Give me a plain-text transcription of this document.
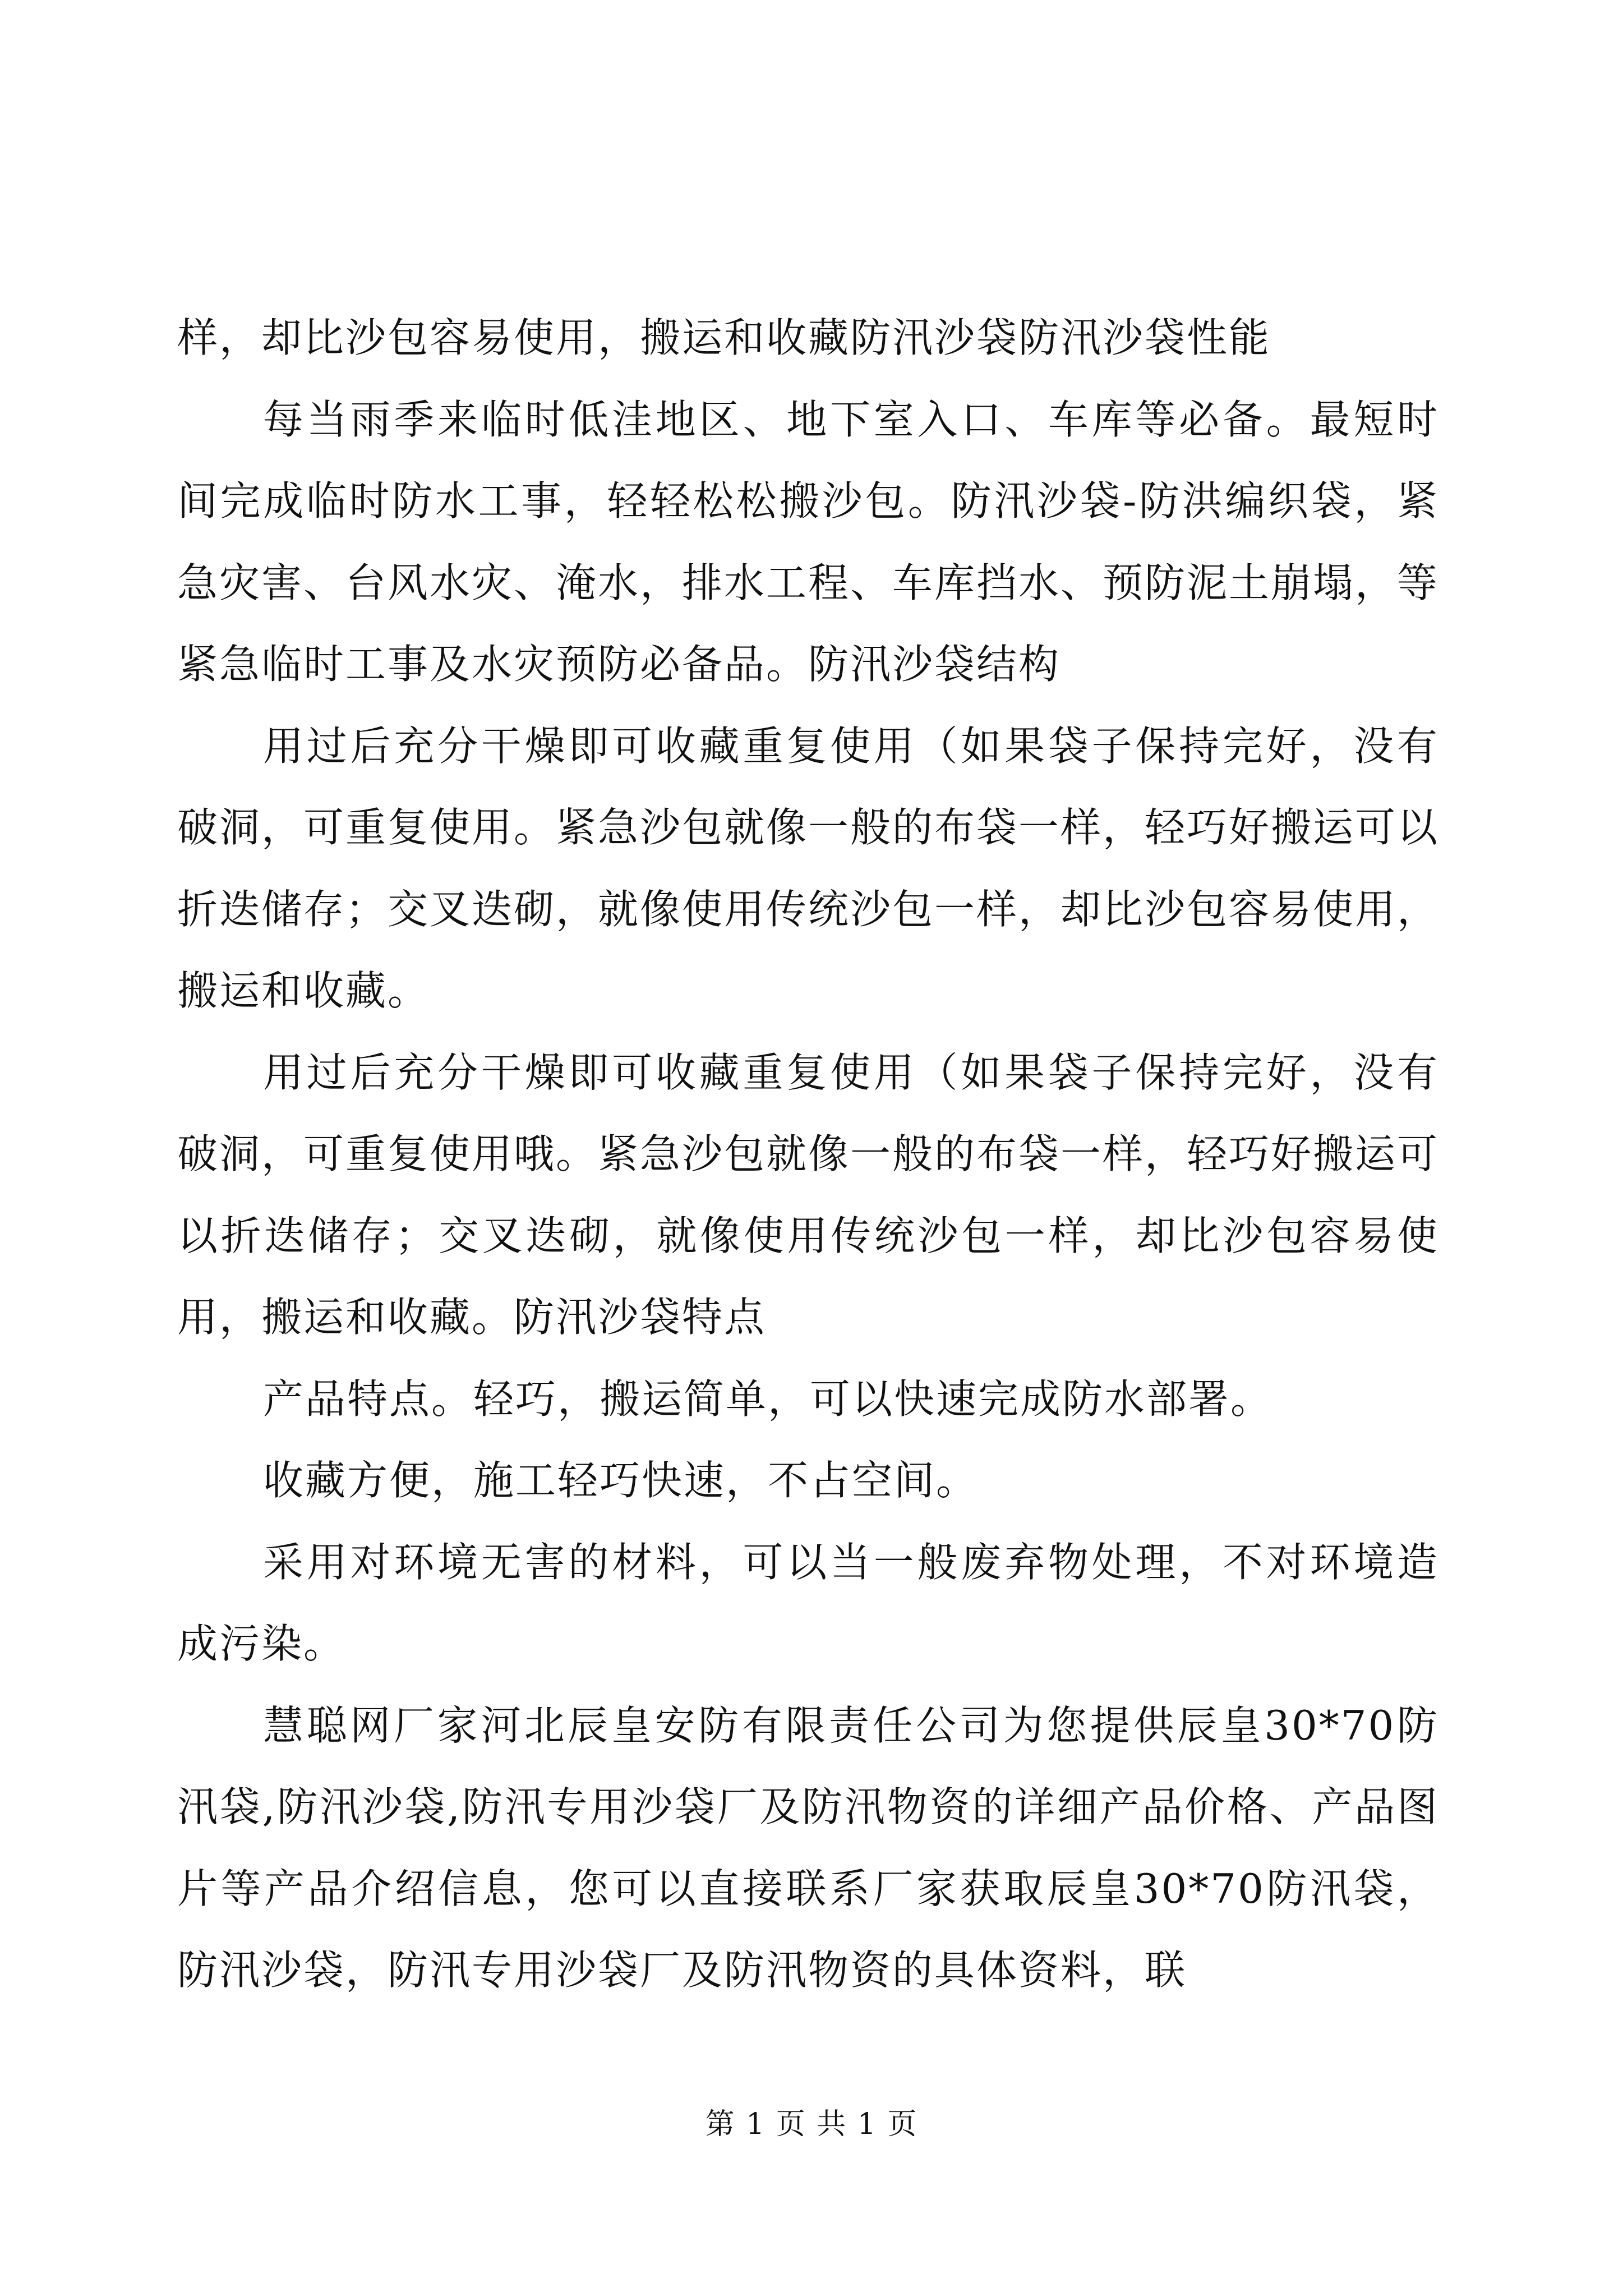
样，却比沙包容易使用，搬运和收藏防汛沙袋防汛沙袋性能

每当雨季来临时低洼地区、地下室入口、车库等必备。最短时间完成临时防水工事，轻轻松松搬沙包。防汛沙袋-防洪编织袋，紧急灾害、台风水灾、淹水，排水工程、车库挡水、预防泥土崩塌，等紧急临时工事及水灾预防必备品。防汛沙袋结构

用过后充分干燥即可收藏重复使用（如果袋子保持完好，没有破洞，可重复使用。紧急沙包就像一般的布袋一样，轻巧好搬运可以折迭储存；交叉迭砌，就像使用传统沙包一样，却比沙包容易使用，搬运和收藏。

用过后充分干燥即可收藏重复使用（如果袋子保持完好，没有破洞，可重复使用哦。紧急沙包就像一般的布袋一样，轻巧好搬运可以折迭储存；交叉迭砌，就像使用传统沙包一样，却比沙包容易使用，搬运和收藏。防汛沙袋特点

产品特点。轻巧，搬运简单，可以快速完成防水部署。

收藏方便，施工轻巧快速，不占空间。

采用对环境无害的材料，可以当一般废弃物处理，不对环境造成污染。

慧聪网厂家河北辰皇安防有限责任公司为您提供辰皇30*70防汛袋,防汛沙袋,防汛专用沙袋厂及防汛物资的详细产品价格、产品图片等产品介绍信息，您可以直接联系厂家获取辰皇30*70防汛袋，防汛沙袋，防汛专用沙袋厂及防汛物资的具体资料，联

第 1 页 共 1 页
